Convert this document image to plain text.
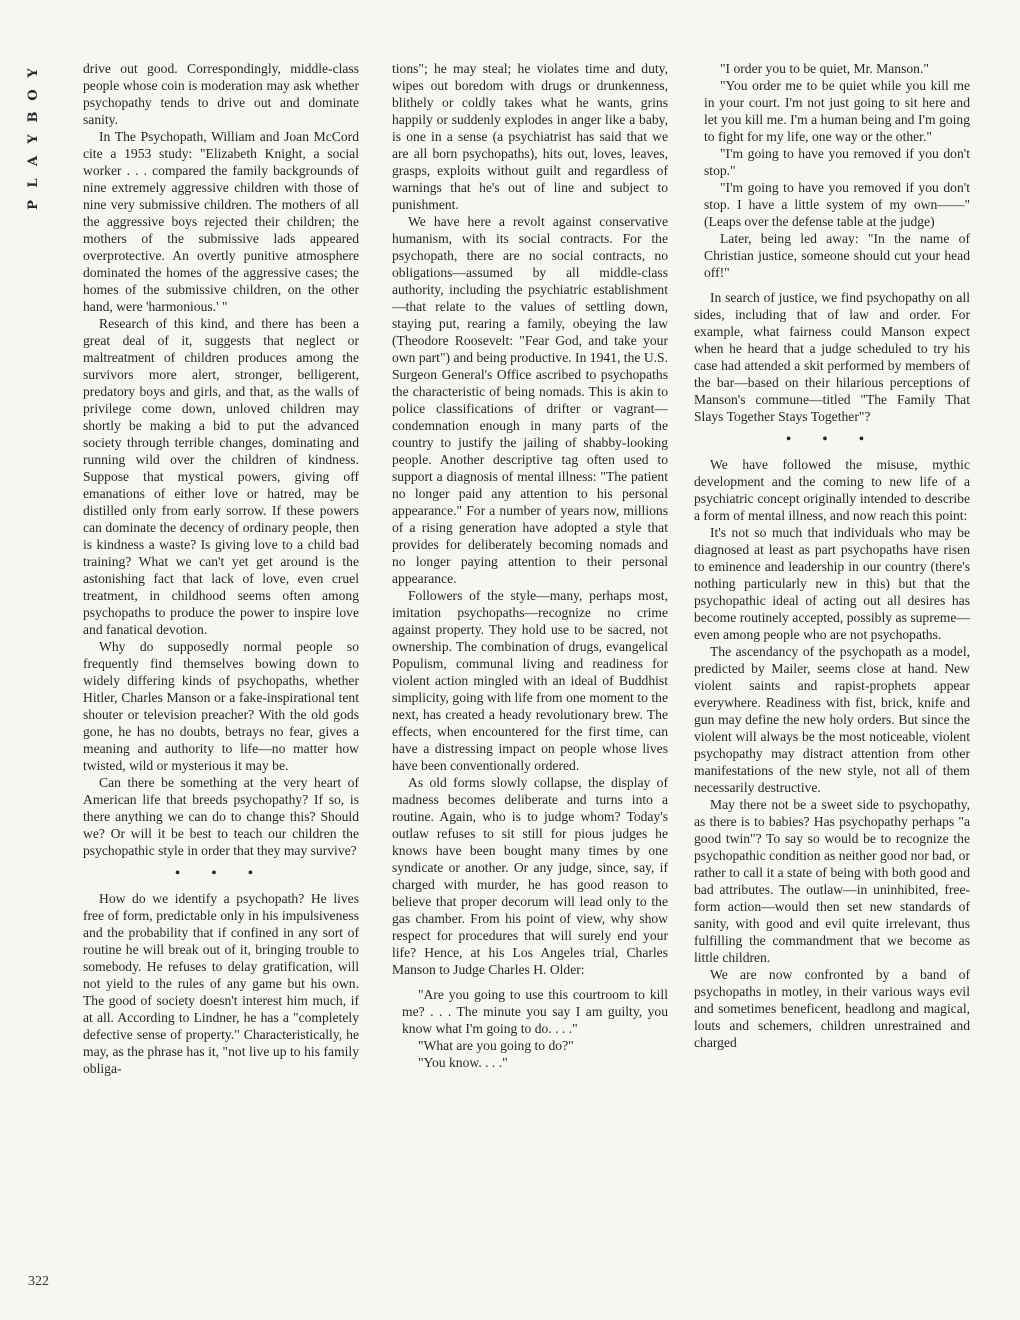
Y
O
B
Y
A
L
P
322

drive out good. Correspondingly, middle-class people whose coin is moderation may ask whether psychopathy tends to drive out and dominate sanity.

In The Psychopath, William and Joan McCord cite a 1953 study: "Elizabeth Knight, a social worker . . . compared the family backgrounds of nine extremely aggressive children with those of nine very submissive children. The mothers of all the aggressive boys rejected their children; the mothers of the submissive lads appeared overprotective. An overtly punitive atmosphere dominated the homes of the aggressive cases; the homes of the submissive children, on the other hand, were 'harmonious.' "

Research of this kind, and there has been a great deal of it, suggests that neglect or maltreatment of children produces among the survivors more alert, stronger, belligerent, predatory boys and girls, and that, as the walls of privilege come down, unloved children may shortly be making a bid to put the advanced society through terrible changes, dominating and running wild over the children of kindness. Suppose that mystical powers, giving off emanations of either love or hatred, may be distilled only from early sorrow. If these powers can dominate the decency of ordinary people, then is kindness a waste? Is giving love to a child bad training? What we can't yet get around is the astonishing fact that lack of love, even cruel treatment, in childhood seems often among psychopaths to produce the power to inspire love and fanatical devotion.

Why do supposedly normal people so frequently find themselves bowing down to widely differing kinds of psychopaths, whether Hitler, Charles Manson or a fake-inspirational tent shouter or television preacher? With the old gods gone, he has no doubts, betrays no fear, gives a meaning and authority to life—no matter how twisted, wild or mysterious it may be.

Can there be something at the very heart of American life that breeds psychopathy? If so, is there anything we can do to change this? Should we? Or will it be best to teach our children the psychopathic style in order that they may survive?

• • •

How do we identify a psychopath? He lives free of form, predictable only in his impulsiveness and the probability that if confined in any sort of routine he will break out of it, bringing trouble to somebody. He refuses to delay gratification, will not yield to the rules of any game but his own. The good of society doesn't interest him much, if at all. According to Lindner, he has a "completely defective sense of property." Characteristically, he may, as the phrase has it, "not live up to his family obliga-

tions"; he may steal; he violates time and duty, wipes out boredom with drugs or drunkenness, blithely or coldly takes what he wants, grins happily or suddenly explodes in anger like a baby, is one in a sense (a psychiatrist has said that we are all born psychopaths), hits out, loves, leaves, grasps, exploits without guilt and regardless of warnings that he's out of line and subject to punishment.

We have here a revolt against conservative humanism, with its social contracts. For the psychopath, there are no social contracts, no obligations—assumed by all middle-class authority, including the psychiatric establishment—that relate to the values of settling down, staying put, rearing a family, obeying the law (Theodore Roosevelt: "Fear God, and take your own part") and being productive. In 1941, the U.S. Surgeon General's Office ascribed to psychopaths the characteristic of being nomads. This is akin to police classifications of drifter or vagrant—condemnation enough in many parts of the country to justify the jailing of shabby-looking people. Another descriptive tag often used to support a diagnosis of mental illness: "The patient no longer paid any attention to his personal appearance." For a number of years now, millions of a rising generation have adopted a style that provides for deliberately becoming nomads and no longer paying attention to their personal appearance.

Followers of the style—many, perhaps most, imitation psychopaths—recognize no crime against property. They hold use to be sacred, not ownership. The combination of drugs, evangelical Populism, communal living and readiness for violent action mingled with an ideal of Buddhist simplicity, going with life from one moment to the next, has created a heady revolutionary brew. The effects, when encountered for the first time, can have a distressing impact on people whose lives have been conventionally ordered.

As old forms slowly collapse, the display of madness becomes deliberate and turns into a routine. Again, who is to judge whom? Today's outlaw refuses to sit still for pious judges he knows have been bought many times by one syndicate or another. Or any judge, since, say, if charged with murder, he has good reason to believe that proper decorum will lead only to the gas chamber. From his point of view, why show respect for procedures that will surely end your life? Hence, at his Los Angeles trial, Charles Manson to Judge Charles H. Older:

"Are you going to use this courtroom to kill me? . . . The minute you say I am guilty, you know what I'm going to do. . . ."

"What are you going to do?"

"You know. . . ."

"I order you to be quiet, Mr. Manson."

"You order me to be quiet while you kill me in your court. I'm not just going to sit here and let you kill me. I'm a human being and I'm going to fight for my life, one way or the other."

"I'm going to have you removed if you don't stop."

"I'm going to have you removed if you don't stop. I have a little system of my own——" (Leaps over the defense table at the judge)

Later, being led away: "In the name of Christian justice, someone should cut your head off!"

In search of justice, we find psychopathy on all sides, including that of law and order. For example, what fairness could Manson expect when he heard that a judge scheduled to try his case had attended a skit performed by members of the bar—based on their hilarious perceptions of Manson's commune—titled "The Family That Slays Together Stays Together"?

• • •

We have followed the misuse, mythic development and the coming to new life of a psychiatric concept originally intended to describe a form of mental illness, and now reach this point:

It's not so much that individuals who may be diagnosed at least as part psychopaths have risen to eminence and leadership in our country (there's nothing particularly new in this) but that the psychopathic ideal of acting out all desires has become routinely accepted, possibly as supreme—even among people who are not psychopaths.

The ascendancy of the psychopath as a model, predicted by Mailer, seems close at hand. New violent saints and rapist-prophets appear everywhere. Readiness with fist, brick, knife and gun may define the new holy orders. But since the violent will always be the most noticeable, violent psychopathy may distract attention from other manifestations of the new style, not all of them necessarily destructive.

May there not be a sweet side to psychopathy, as there is to babies? Has psychopathy perhaps "a good twin"? To say so would be to recognize the psychopathic condition as neither good nor bad, or rather to call it a state of being with both good and bad attributes. The outlaw—in uninhibited, free-form action—would then set new standards of sanity, with good and evil quite irrelevant, thus fulfilling the commandment that we become as little children.

We are now confronted by a band of psychopaths in motley, in their various ways evil and sometimes beneficent, headlong and magical, louts and schemers, children unrestrained and charged
